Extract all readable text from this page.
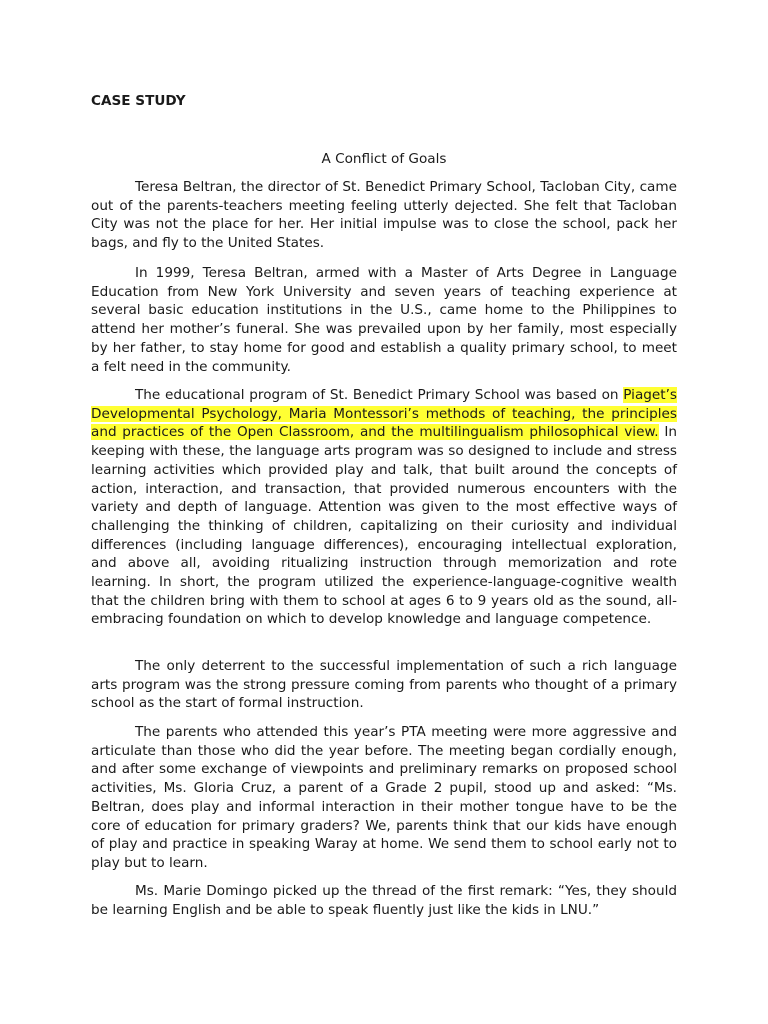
CASE STUDY
A Conflict of Goals

Teresa Beltran, the director of St. Benedict Primary School, Tacloban City, came out of the parents-teachers meeting feeling utterly dejected. She felt that Tacloban City was not the place for her. Her initial impulse was to close the school, pack her bags, and fly to the United States.

In 1999, Teresa Beltran, armed with a Master of Arts Degree in Language Education from New York University and seven years of teaching experience at several basic education institutions in the U.S., came home to the Philippines to attend her mother’s funeral. She was prevailed upon by her family, most especially by her father, to stay home for good and establish a quality primary school, to meet a felt need in the community.

The educational program of St. Benedict Primary School was based on Piaget’s Developmental Psychology, Maria Montessori’s methods of teaching, the principles and practices of the Open Classroom, and the multilingualism philosophical view. In keeping with these, the language arts program was so designed to include and stress learning activities which provided play and talk, that built around the concepts of action, interaction, and transaction, that provided numerous encounters with the variety and depth of language. Attention was given to the most effective ways of challenging the thinking of children, capitalizing on their curiosity and individual differences (including language differences), encouraging intellectual exploration, and above all, avoiding ritualizing instruction through memorization and rote learning. In short, the program utilized the experience-language-cognitive wealth that the children bring with them to school at ages 6 to 9 years old as the sound, all-embracing foundation on which to develop knowledge and language competence.

The only deterrent to the successful implementation of such a rich language arts program was the strong pressure coming from parents who thought of a primary school as the start of formal instruction.

The parents who attended this year’s PTA meeting were more aggressive and articulate than those who did the year before. The meeting began cordially enough, and after some exchange of viewpoints and preliminary remarks on proposed school activities, Ms. Gloria Cruz, a parent of a Grade 2 pupil, stood up and asked: “Ms. Beltran, does play and informal interaction in their mother tongue have to be the core of education for primary graders? We, parents think that our kids have enough of play and practice in speaking Waray at home. We send them to school early not to play but to learn.

Ms. Marie Domingo picked up the thread of the first remark: “Yes, they should be learning English and be able to speak fluently just like the kids in LNU.”
